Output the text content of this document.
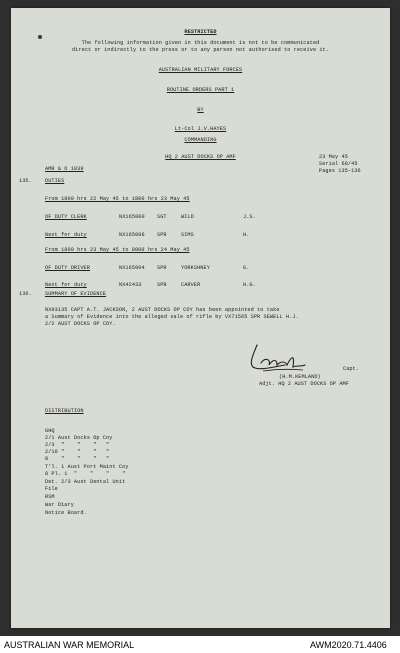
RESTRICTED
The following information given in this document is not to be communicated
direct or indirectly to the press or to any person not authorised to receive it.
AUSTRALIAN MILITARY FORCES
ROUTINE ORDERS PART 1
BY
Lt-Col J.V.HAYES
COMMANDING
HQ 2 AUST DOCKS OP AMF	23 May 45
Serial 68/45
Pages 135-136
AMR & O 1939
135.	DUTIES
From 1800 hrs 22 May 45 to 1800 hrs 23 May 45
OF DUTY CLERK	NX165000 SGT	WILD	J.S.
Next for duty	NX165006 SPR	SIMS	H.
From 1800 hrs 23 May 45 to 0800 hrs 24 May 45
OF DUTY DRIVER	NX165004 SPR	YORKSHNEY	G.
Next for duty	NX42433	SPR	CARVER	H.G.
136.	SUMMARY OF EVIDENCE
NX93135 CAPT A.T. JACKSON, 2 AUST DOCKS OP COY has been appointed to take
a Summary of Evidence into the alleged sale of rifle by VX71565 SPR SEWELL H.J.
2/2 AUST DOCKS OP COY.
Capt.
(H.M.KEMLAND)
Adjt. HQ 2 AUST DOCKS OP AMF
DISTRIBUTION
GHQ
2/1 Aust Docks Op Coy
2/3  "    "    "   "
2/10 "    "    "   "
8    "    "    "   "
T'l. 1 Aust Port Maint Coy
8 Pl. 1  "    "    "    "
Det. 2/3 Aust Dental Unit
File
RSM
War Diary
Notice Board.
AUSTRALIAN WAR MEMORIAL	AWM2020.71.4406
